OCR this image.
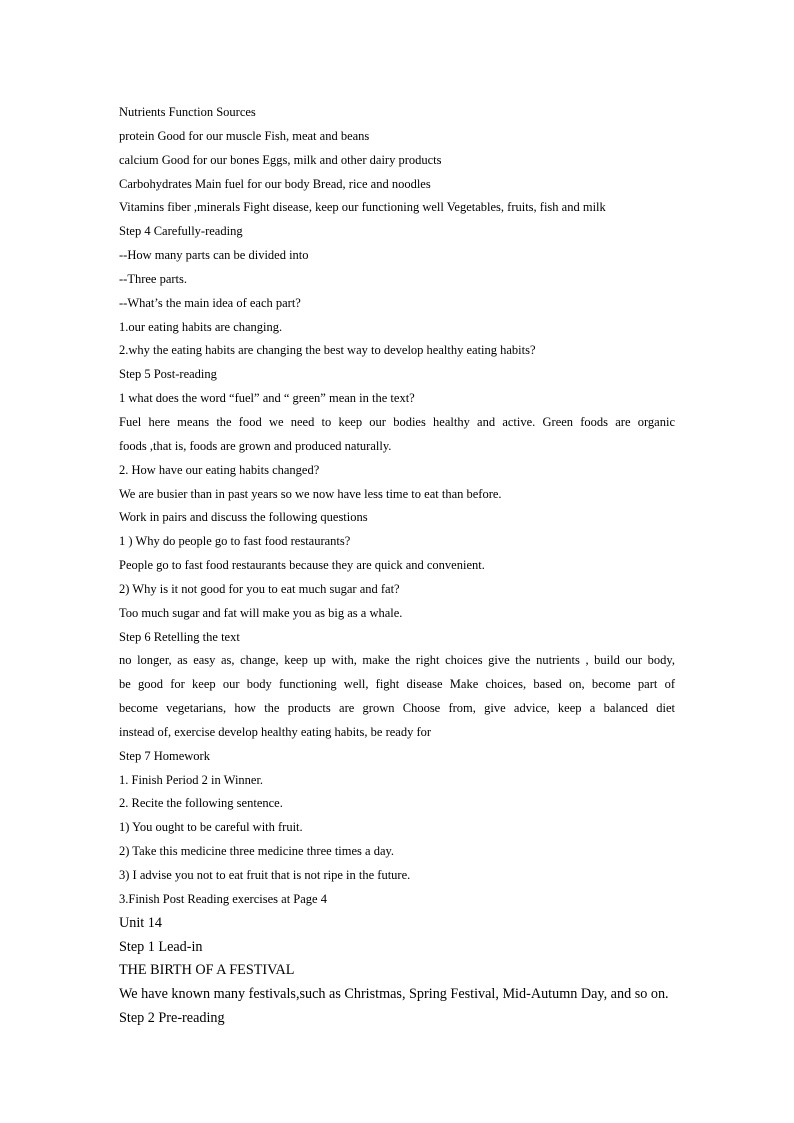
Nutrients Function Sources
protein Good for our muscle Fish, meat and beans
calcium Good for our bones Eggs, milk and other dairy products
Carbohydrates Main fuel for our body Bread, rice and noodles
Vitamins fiber ,minerals Fight disease, keep our functioning well Vegetables, fruits, fish and milk
Step 4 Carefully-reading
--How many parts can be divided into
--Three parts.
--What’s the main idea of each part?
1.our eating habits are changing.
2.why the eating habits are changing the best way to develop healthy eating habits?
Step 5 Post-reading
1 what does the word “fuel” and “ green” mean in the text?
Fuel here means the food we need to keep our bodies healthy and active. Green foods are organic
foods ,that is, foods are grown and produced naturally.
2. How have our eating habits changed?
We are busier than in past years so we now have less time to eat than before.
Work in pairs and discuss the following questions
1 ) Why do people go to fast food restaurants?
People go to fast food restaurants because they are quick and convenient.
2) Why is it not good for you to eat much sugar and fat?
Too much sugar and fat will make you as big as a whale.
Step 6 Retelling the text
no longer, as easy as, change, keep up with, make the right choices give the nutrients , build our body,
be good for keep our body functioning well, fight disease Make choices, based on, become part of
become vegetarians, how the products are grown Choose from, give advice, keep a balanced diet
instead of, exercise develop healthy eating habits, be ready for
Step 7 Homework
1. Finish Period 2 in Winner.
2. Recite the following sentence.
1) You ought to be careful with fruit.
2) Take this medicine three medicine three times a day.
3) I advise you not to eat fruit that is not ripe in the future.
3.Finish Post Reading exercises at Page 4
Unit 14
Step 1 Lead-in
THE BIRTH OF A FESTIVAL
We have known many festivals,such as Christmas, Spring Festival, Mid-Autumn Day, and so on.
Step 2 Pre-reading
